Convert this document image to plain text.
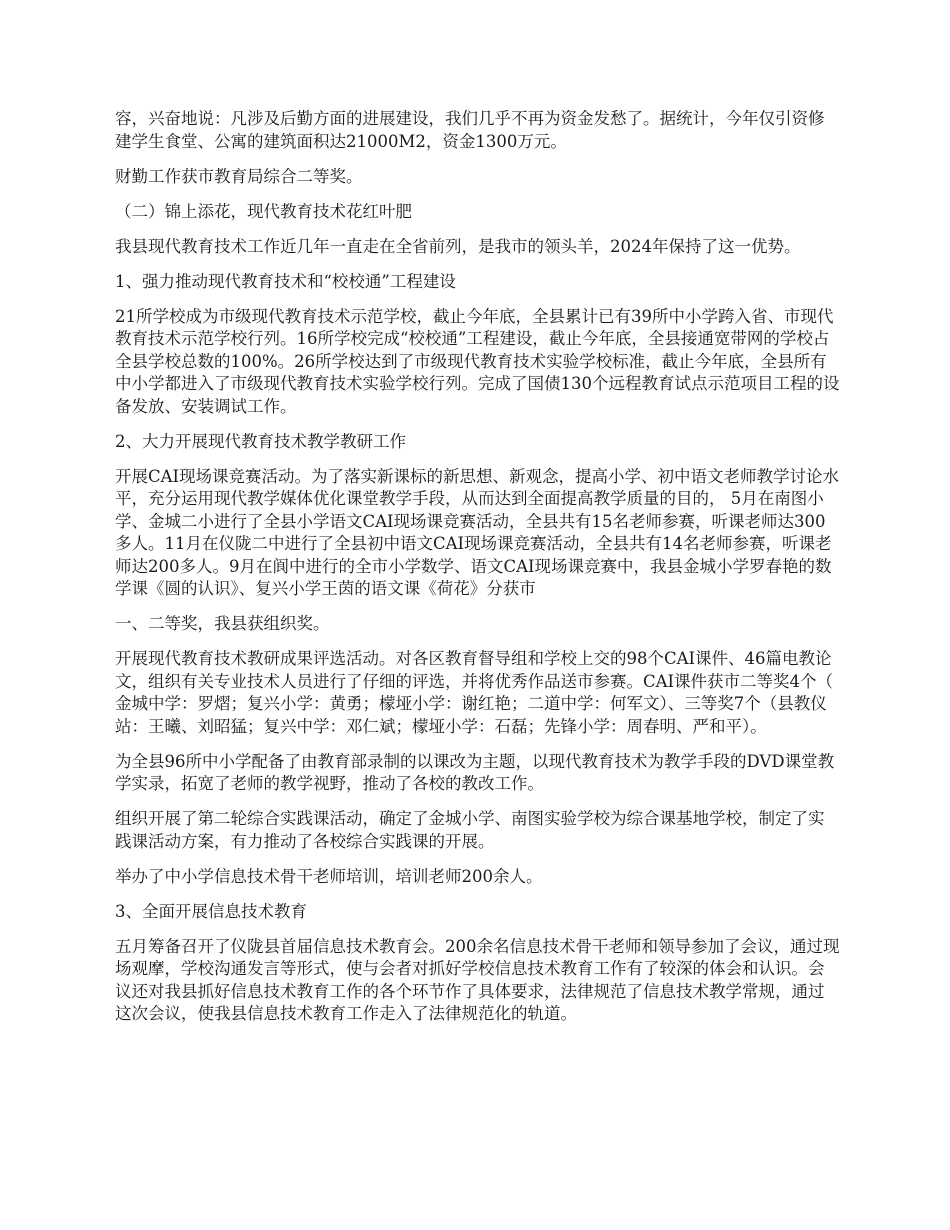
容，兴奋地说：凡涉及后勤方面的进展建设，我们几乎不再为资金发愁了。据统计，今年仅引资修建学生食堂、公寓的建筑面积达21000M2，资金1300万元。

财勤工作获市教育局综合二等奖。

（二）锦上添花，现代教育技术花红叶肥

我县现代教育技术工作近几年一直走在全省前列，是我市的领头羊，2024年保持了这一优势。

1、强力推动现代教育技术和“校校通”工程建设

21所学校成为市级现代教育技术示范学校，截止今年底，全县累计已有39所中小学跨入省、市现代教育技术示范学校行列。16所学校完成“校校通”工程建设，截止今年底，全县接通宽带网的学校占全县学校总数的100%。26所学校达到了市级现代教育技术实验学校标准，截止今年底，全县所有中小学都进入了市级现代教育技术实验学校行列。完成了国债130个远程教育试点示范项目工程的设备发放、安装调试工作。

2、大力开展现代教育技术教学教研工作

开展CAI现场课竞赛活动。为了落实新课标的新思想、新观念，提高小学、初中语文老师教学讨论水平，充分运用现代教学媒体优化课堂教学手段，从而达到全面提高教学质量的目的， 5月在南图小学、金城二小进行了全县小学语文CAI现场课竞赛活动，全县共有15名老师参赛，听课老师达300多人。11月在仪陇二中进行了全县初中语文CAI现场课竞赛活动，全县共有14名老师参赛，听课老师达200多人。9月在阆中进行的全市小学数学、语文CAI现场课竞赛中，我县金城小学罗春艳的数学课《圆的认识》、复兴小学王茵的语文课《荷花》分获市

一、二等奖，我县获组织奖。

开展现代教育技术教研成果评选活动。对各区教育督导组和学校上交的98个CAI课件、46篇电教论文，组织有关专业技术人员进行了仔细的评选，并将优秀作品送市参赛。CAI课件获市二等奖4个（金城中学：罗熠；复兴小学：黄勇；檬垭小学：谢红艳；二道中学：何军文）、三等奖7个（县教仪站：王曦、刘昭猛；复兴中学：邓仁斌；檬垭小学：石磊；先锋小学：周春明、严和平）。

为全县96所中小学配备了由教育部录制的以课改为主题，以现代教育技术为教学手段的DVD课堂教学实录，拓宽了老师的教学视野，推动了各校的教改工作。

组织开展了第二轮综合实践课活动，确定了金城小学、南图实验学校为综合课基地学校，制定了实践课活动方案，有力推动了各校综合实践课的开展。

举办了中小学信息技术骨干老师培训，培训老师200余人。

3、全面开展信息技术教育

五月筹备召开了仪陇县首届信息技术教育会。200余名信息技术骨干老师和领导参加了会议，通过现场观摩，学校沟通发言等形式，使与会者对抓好学校信息技术教育工作有了较深的体会和认识。会议还对我县抓好信息技术教育工作的各个环节作了具体要求，法律规范了信息技术教学常规，通过这次会议，使我县信息技术教育工作走入了法律规范化的轨道。
